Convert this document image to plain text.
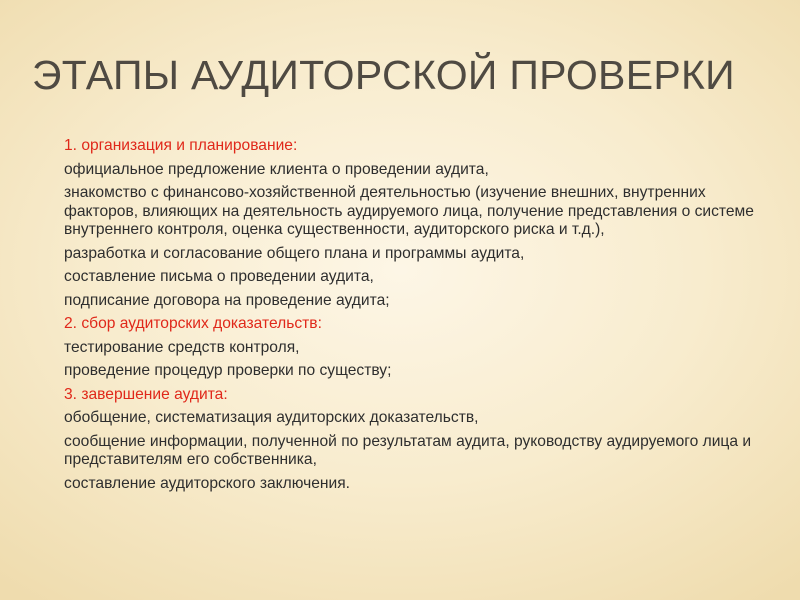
ЭТАПЫ АУДИТОРСКОЙ ПРОВЕРКИ
1. организация и планирование:
официальное предложение клиента о проведении аудита,
знакомство с финансово-хозяйственной деятельностью (изучение внешних, внутренних факторов, влияющих на деятельность аудируемого лица, получение представления о системе внутреннего контроля, оценка существенности, аудиторского риска и т.д.),
разработка и согласование общего плана и программы аудита,
составление письма о проведении аудита,
подписание договора на проведение аудита;
2. сбор аудиторских доказательств:
тестирование средств контроля,
проведение процедур проверки по существу;
3. завершение аудита:
обобщение, систематизация аудиторских доказательств,
сообщение информации, полученной по результатам аудита, руководству аудируемого лица и представителям его собственника,
составление аудиторского заключения.
